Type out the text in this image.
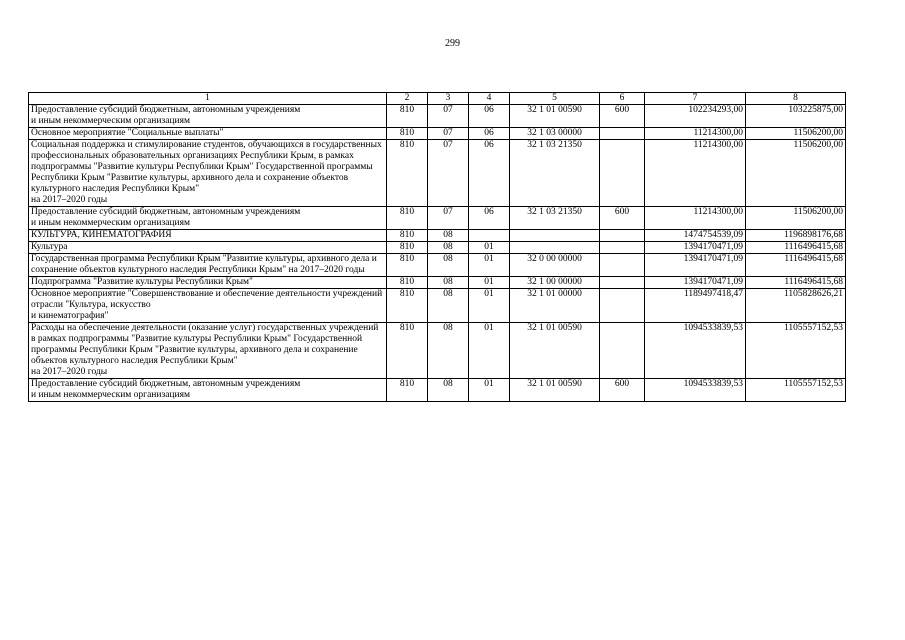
299
1	2	3	4	5	6	7	8
Предоставление субсидий бюджетным, автономным учреждениям
и иным некоммерческим организациям	810	07	06	32 1 01 00590	600	102234293,00	103225875,00
Основное мероприятие "Социальные выплаты"	810	07	06	32 1 03 00000		11214300,00	11506200,00
Социальная поддержка и стимулирование студентов, обучающихся в государственных профессиональных образовательных организациях Республики Крым, в рамках подпрограммы "Развитие культуры Республики Крым" Государственной программы Республики Крым "Развитие культуры, архивного дела и сохранение объектов культурного наследия Республики Крым"
на 2017–2020 годы	810	07	06	32 1 03 21350		11214300,00	11506200,00
Предоставление субсидий бюджетным, автономным учреждениям
и иным некоммерческим организациям	810	07	06	32 1 03 21350	600	11214300,00	11506200,00
КУЛЬТУРА, КИНЕМАТОГРАФИЯ	810	08				1474754539,09	1196898176,68
Культура	810	08	01			1394170471,09	1116496415,68
Государственная программа Республики Крым "Развитие культуры, архивного дела и сохранение объектов культурного наследия Республики Крым" на 2017–2020 годы	810	08	01	32 0 00 00000		1394170471,09	1116496415,68
Подпрограмма "Развитие культуры Республики Крым"	810	08	01	32 1 00 00000		1394170471,09	1116496415,68
Основное мероприятие "Совершенствование и обеспечение деятельности учреждений отрасли "Культура, искусство
и кинематография"	810	08	01	32 1 01 00000		1189497418,47	1105828626,21
Расходы на обеспечение деятельности (оказание услуг) государственных учреждений в рамках подпрограммы "Развитие культуры Республики Крым" Государственной программы Республики Крым "Развитие культуры, архивного дела и сохранение объектов культурного наследия Республики Крым"
на 2017–2020 годы	810	08	01	32 1 01 00590		1094533839,53	1105557152,53
Предоставление субсидий бюджетным, автономным учреждениям
и иным некоммерческим организациям	810	08	01	32 1 01 00590	600	1094533839,53	1105557152,53
